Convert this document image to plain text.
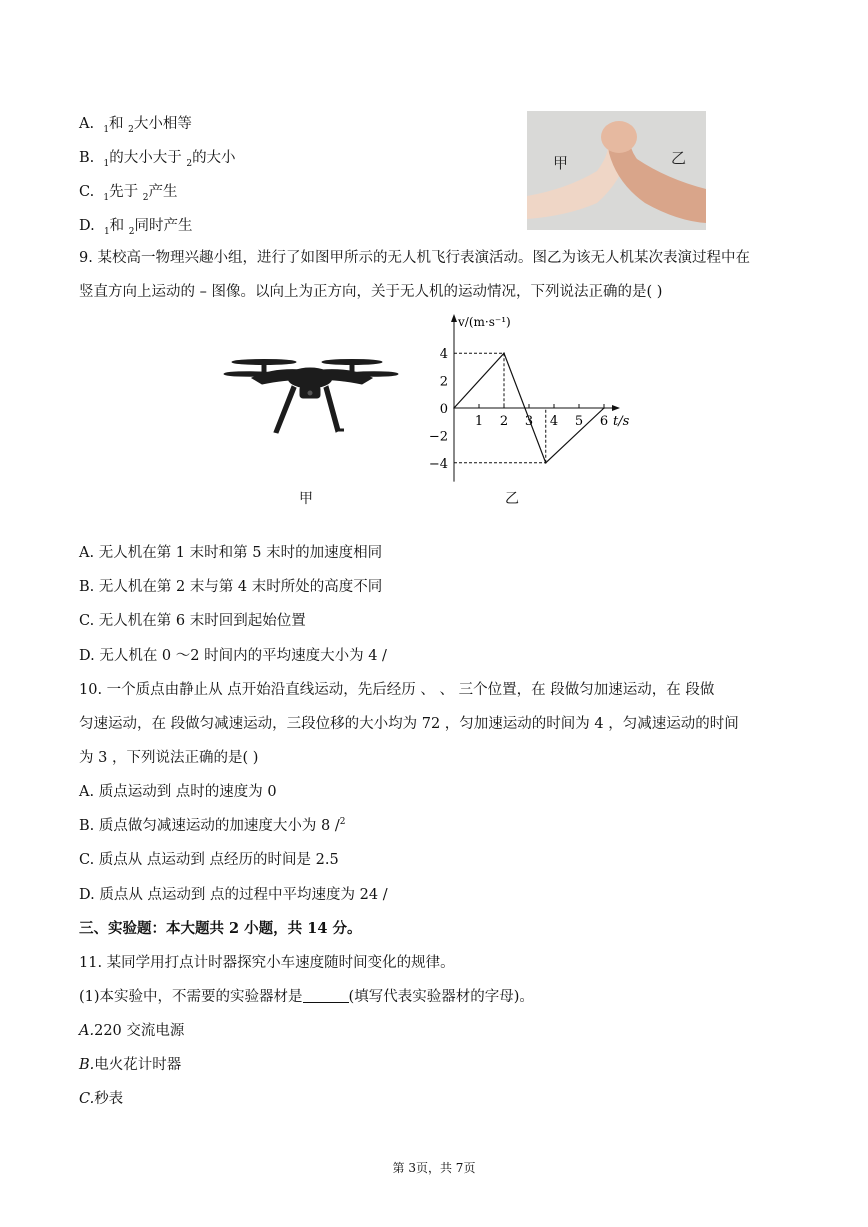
A. $_1$和 $_2$大小相等
B. $_1$的大小大于 $_2$的大小
C. $_1$先于 $_2$产生
D. $_1$和 $_2$同时产生
甲	乙
9. 某校高一物理兴趣小组，进行了如图甲所示的无人机飞行表演活动。图乙为该无人机某次表演过程中在
竖直方向上运动的 – 图像。以向上为正方向，关于无人机的运动情况，下列说法正确的是( )
v/(m·s⁻¹)
t/s
4
2
0
−2
−4
1 2 3 4 5 6
甲	乙
A. 无人机在第 1 末时和第 5 末时的加速度相同
B. 无人机在第 2 末与第 4 末时所处的高度不同
C. 无人机在第 6 末时回到起始位置
D. 无人机在 0 ～2 时间内的平均速度大小为 4 /
10. 一个质点由静止从 点开始沿直线运动，先后经历 、 、 三个位置，在 段做匀加速运动，在 段做
匀速运动，在 段做匀减速运动，三段位移的大小均为 72 ，匀加速运动的时间为 4 ，匀减速运动的时间
为 3 ，下列说法正确的是( )
A. 质点运动到 点时的速度为 0
B. 质点做匀减速运动的加速度大小为 8 /$^2$
C. 质点从 点运动到 点经历的时间是 2.5
D. 质点从 点运动到 点的过程中平均速度为 24 /
三、实验题：本大题共 2 小题，共 14 分。
11. 某同学用打点计时器探究小车速度随时间变化的规律。
(1)本实验中，不需要的实验器材是	(填写代表实验器材的字母)。
A.220 交流电源
B.电火花计时器
C.秒表
第 3页，共 7页
